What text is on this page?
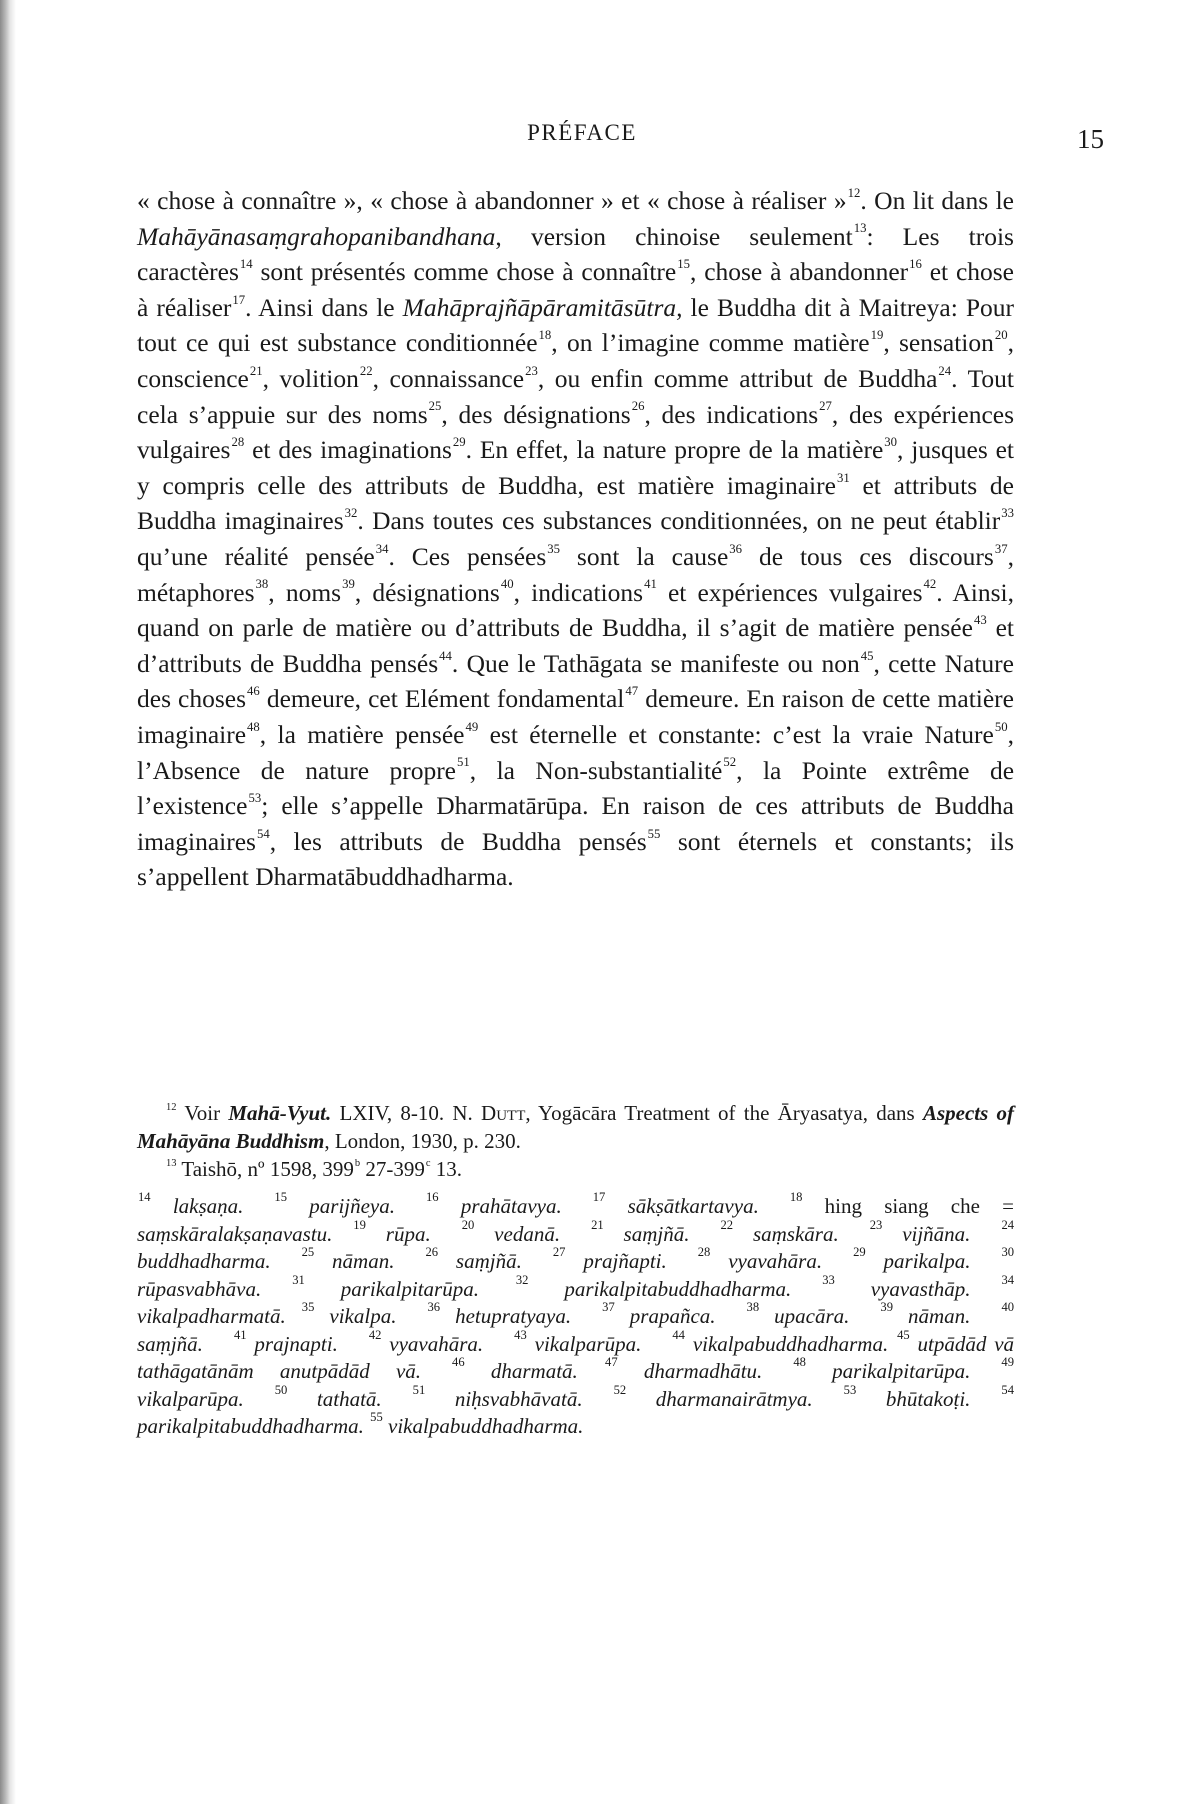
PRÉFACE	15

« chose à connaître », « chose à abandonner » et « chose à réaliser »$^{12}$. On lit dans le Mahāyānasaṃgrahopanibandhana, version chinoise seulement$^{13}$: Les trois caractères$^{14}$ sont présentés comme chose à connaître$^{15}$, chose à abandonner$^{16}$ et chose à réaliser$^{17}$. Ainsi dans le Mahāprajñāpāramitāsūtra, le Buddha dit à Maitreya: Pour tout ce qui est substance conditionnée$^{18}$, on l’imagine comme matière$^{19}$, sensation$^{20}$, conscience$^{21}$, volition$^{22}$, connaissance$^{23}$, ou enfin comme attribut de Buddha$^{24}$. Tout cela s’appuie sur des noms$^{25}$, des désignations$^{26}$, des indications$^{27}$, des expériences vulgaires$^{28}$ et des imaginations$^{29}$. En effet, la nature propre de la matière$^{30}$, jusques et y compris celle des attributs de Buddha, est matière imaginaire$^{31}$ et attributs de Buddha imaginaires$^{32}$. Dans toutes ces substances conditionnées, on ne peut établir$^{33}$ qu’une réalité pensée$^{34}$. Ces pensées$^{35}$ sont la cause$^{36}$ de tous ces discours$^{37}$, métaphores$^{38}$, noms$^{39}$, désignations$^{40}$, indications$^{41}$ et expériences vulgaires$^{42}$. Ainsi, quand on parle de matière ou d’attributs de Buddha, il s’agit de matière pensée$^{43}$ et d’attributs de Buddha pensés$^{44}$. Que le Tathāgata se manifeste ou non$^{45}$, cette Nature des choses$^{46}$ demeure, cet Elément fondamental$^{47}$ demeure. En raison de cette matière imaginaire$^{48}$, la matière pensée$^{49}$ est éternelle et constante: c’est la vraie Nature$^{50}$, l’Absence de nature propre$^{51}$, la Non-substantialité$^{52}$, la Pointe extrême de l’existence$^{53}$; elle s’appelle Dharmatārūpa. En raison de ces attributs de Buddha imaginaires$^{54}$, les attributs de Buddha pensés$^{55}$ sont éternels et constants; ils s’appellent Dharmatābuddhadharma.

$^{12}$ Voir Mahā-Vyut. LXIV, 8-10. N. Dutt, Yogācāra Treatment of the Āryasatya, dans Aspects of Mahāyāna Buddhism, London, 1930, p. 230.

$^{13}$ Taishō, nº 1598, 399$^b$ 27-399$^c$ 13.

$^{14}$ lakṣaṇa. $^{15}$ parijñeya. $^{16}$ prahātavya. $^{17}$ sākṣātkartavya. $^{18}$ hing siang che = saṃskāralakṣaṇavastu. $^{19}$ rūpa. $^{20}$ vedanā. $^{21}$ saṃjñā. $^{22}$ saṃskāra. $^{23}$ vijñāna. $^{24}$ buddhadharma. $^{25}$ nāman. $^{26}$ saṃjñā. $^{27}$ prajñapti. $^{28}$ vyavahāra. $^{29}$ parikalpa. $^{30}$ rūpasvabhāva. $^{31}$ parikalpitarūpa.	$^{32}$ parikalpitabuddhadharma. $^{33}$ vyavasthāp. $^{34}$ vikalpadharmatā. $^{35}$ vikalpa. $^{36}$ hetupratyaya. $^{37}$ prapañca. $^{38}$ upacāra. $^{39}$ nāman. $^{40}$ saṃjñā. $^{41}$ prajnapti. $^{42}$ vyavahāra. $^{43}$ vikalparūpa. $^{44}$ vikalpabuddhadharma. $^{45}$ utpādād vā tathāgatānām anutpādād vā. $^{46}$ dharmatā. $^{47}$ dharmadhātu. $^{48}$ parikalpitarūpa. $^{49}$ vikalparūpa. $^{50}$ tathatā. $^{51}$ niḥsvabhāvatā. $^{52}$ dharmanairātmya. $^{53}$ bhūtakoṭi. $^{54}$ parikalpitabuddhadharma. $^{55}$ vikalpabuddhadharma.
